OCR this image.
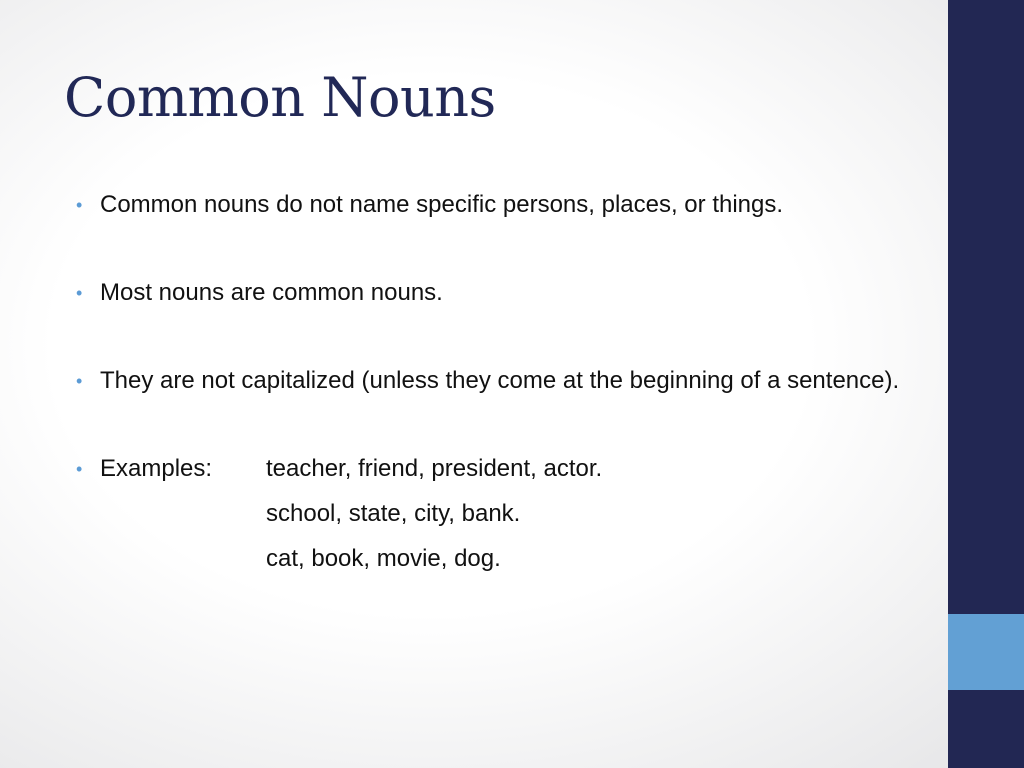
Common Nouns
• Common nouns do not name specific persons, places, or things.
• Most nouns are common nouns.
• They are not capitalized (unless they come at the beginning of a sentence).
• Examples:	teacher, friend, president, actor.
school, state, city, bank.
cat, book, movie, dog.
